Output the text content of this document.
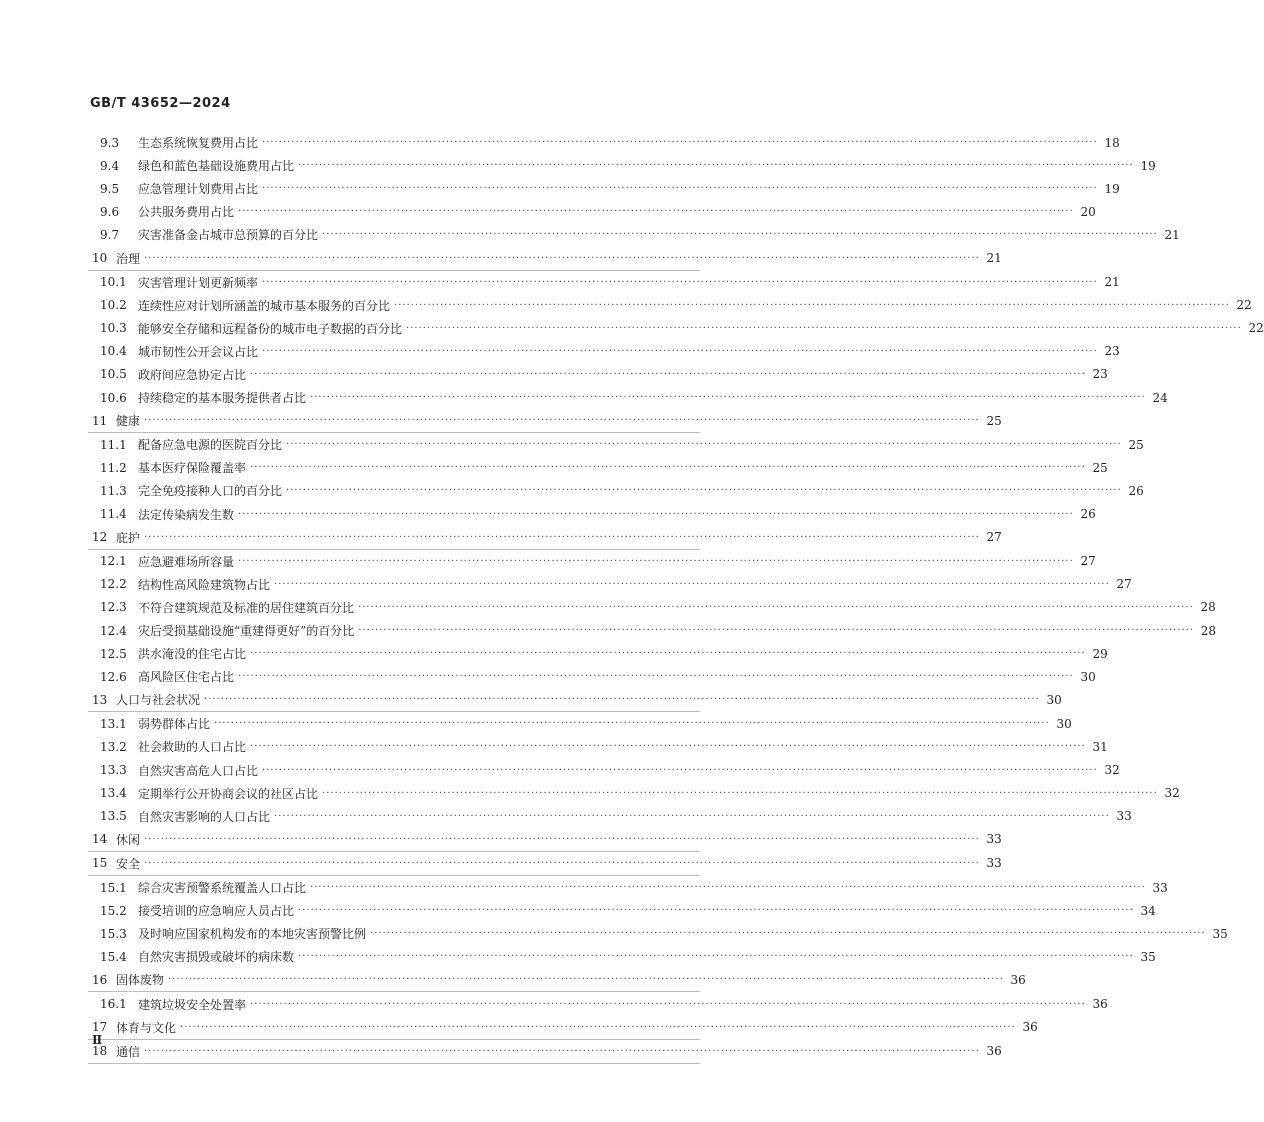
GB/T 43652—2024
9.3	生态系统恢复费用占比 ········································································································································································································ 18
9.4	绿色和蓝色基础设施费用占比 ········································································································································································································ 19
9.5	应急管理计划费用占比 ········································································································································································································ 19
9.6	公共服务费用占比 ········································································································································································································ 20
9.7	灾害准备金占城市总预算的百分比 ········································································································································································································ 21
10 治理 ········································································································································································································ 21
10.1 灾害管理计划更新频率 ········································································································································································································ 21
10.2 连续性应对计划所涵盖的城市基本服务的百分比 ········································································································································································································ 22
10.3 能够安全存储和远程备份的城市电子数据的百分比 ········································································································································································································ 22
10.4 城市韧性公开会议占比 ········································································································································································································ 23
10.5 政府间应急协定占比 ········································································································································································································ 23
10.6 持续稳定的基本服务提供者占比 ········································································································································································································ 24
11 健康 ········································································································································································································ 25
11.1 配备应急电源的医院百分比 ········································································································································································································ 25
11.2 基本医疗保险覆盖率 ········································································································································································································ 25
11.3 完全免疫接种人口的百分比 ········································································································································································································ 26
11.4 法定传染病发生数 ········································································································································································································ 26
12 庇护 ········································································································································································································ 27
12.1 应急避难场所容量 ········································································································································································································ 27
12.2 结构性高风险建筑物占比 ········································································································································································································ 27
12.3 不符合建筑规范及标准的居住建筑百分比 ········································································································································································································ 28
12.4 灾后受损基础设施“重建得更好”的百分比 ········································································································································································································ 28
12.5 洪水淹没的住宅占比 ········································································································································································································ 29
12.6 高风险区住宅占比 ········································································································································································································ 30
13 人口与社会状况 ········································································································································································································ 30
13.1 弱势群体占比 ········································································································································································································ 30
13.2 社会救助的人口占比 ········································································································································································································ 31
13.3 自然灾害高危人口占比 ········································································································································································································ 32
13.4 定期举行公开协商会议的社区占比 ········································································································································································································ 32
13.5 自然灾害影响的人口占比 ········································································································································································································ 33
14 休闲 ········································································································································································································ 33
15 安全 ········································································································································································································ 33
15.1 综合灾害预警系统覆盖人口占比 ········································································································································································································ 33
15.2 接受培训的应急响应人员占比 ········································································································································································································ 34
15.3 及时响应国家机构发布的本地灾害预警比例 ········································································································································································································ 35
15.4 自然灾害损毁或破坏的病床数 ········································································································································································································ 35
16 固体废物 ········································································································································································································ 36
16.1 建筑垃圾安全处置率 ········································································································································································································ 36
17 体育与文化 ········································································································································································································ 36
18 通信 ········································································································································································································ 36
Ⅱ
